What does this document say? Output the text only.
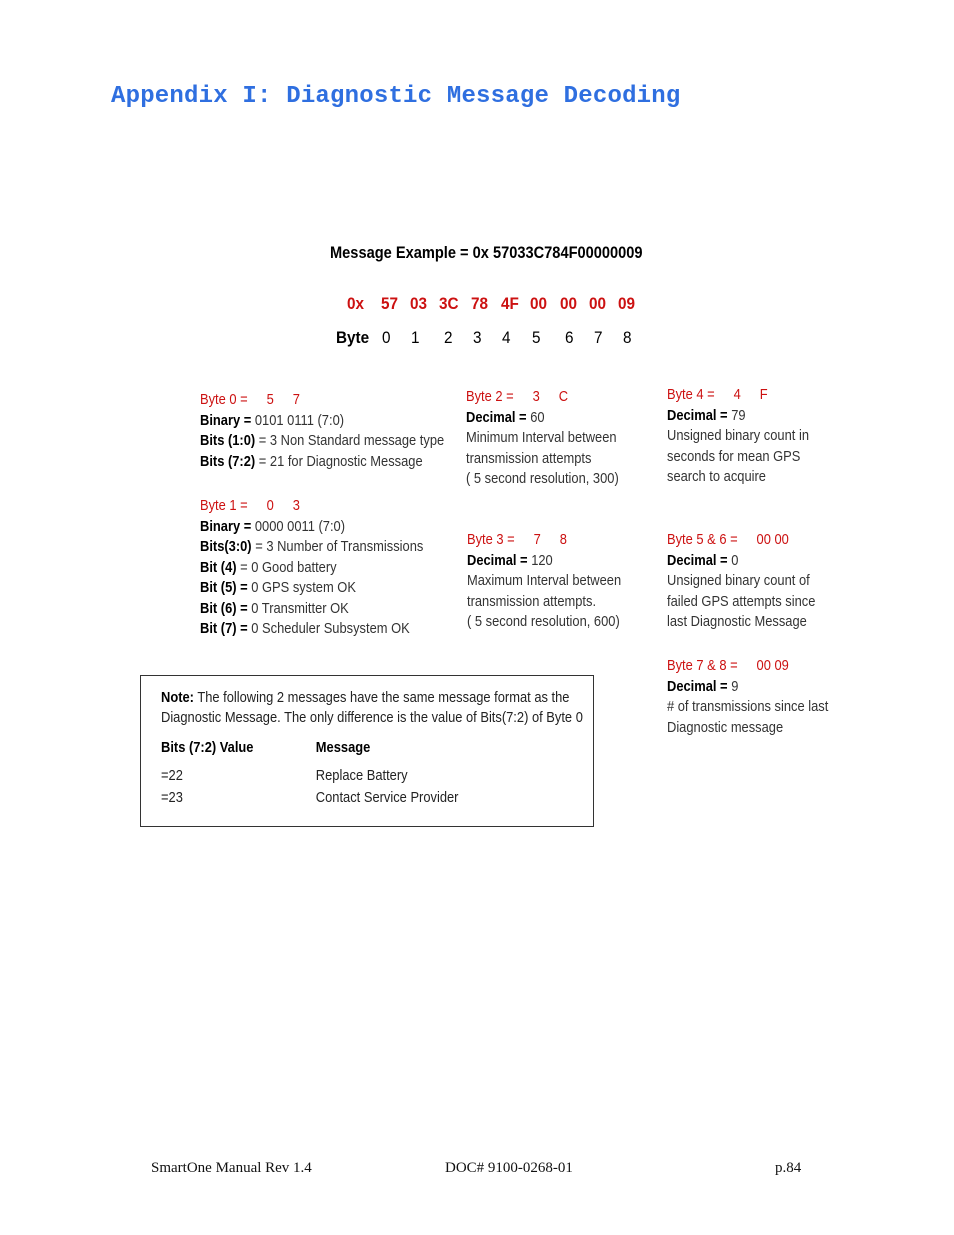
Appendix I: Diagnostic Message Decoding
Message Example = 0x 57033C784F00000009
0x 57 03 3C 78 4F 00 00 00 09
Byte 0 1 2 3 4 5 6 7 8
Byte 0 = 5 7
Binary = 0101 0111 (7:0)
Bits (1:0) = 3 Non Standard message type
Bits (7:2) = 21 for Diagnostic Message
Byte 1 = 0 3
Binary = 0000 0011 (7:0)
Bits(3:0) = 3 Number of Transmissions
Bit (4) = 0 Good battery
Bit (5) = 0 GPS system OK
Bit (6) = 0 Transmitter OK
Bit (7) = 0 Scheduler Subsystem OK
Byte 2 = 3 C
Decimal = 60
Minimum Interval between
transmission attempts
( 5 second resolution, 300)
Byte 3 = 7 8
Decimal = 120
Maximum Interval between
transmission attempts.
( 5 second resolution, 600)
Byte 4 = 4 F
Decimal = 79
Unsigned binary count in
seconds for mean GPS
search to acquire
Byte 5 & 6 = 00 00
Decimal = 0
Unsigned binary count of
failed GPS attempts since
last Diagnostic Message
Byte 7 & 8 = 00 09
Decimal = 9
# of transmissions since last
Diagnostic message
Note: The following 2 messages have the same message format as the
Diagnostic Message. The only difference is the value of Bits(7:2) of Byte 0
Bits (7:2) Value	Message
=22	Replace Battery
=23	Contact Service Provider
SmartOne Manual Rev 1.4	DOC# 9100-0268-01	p.84
